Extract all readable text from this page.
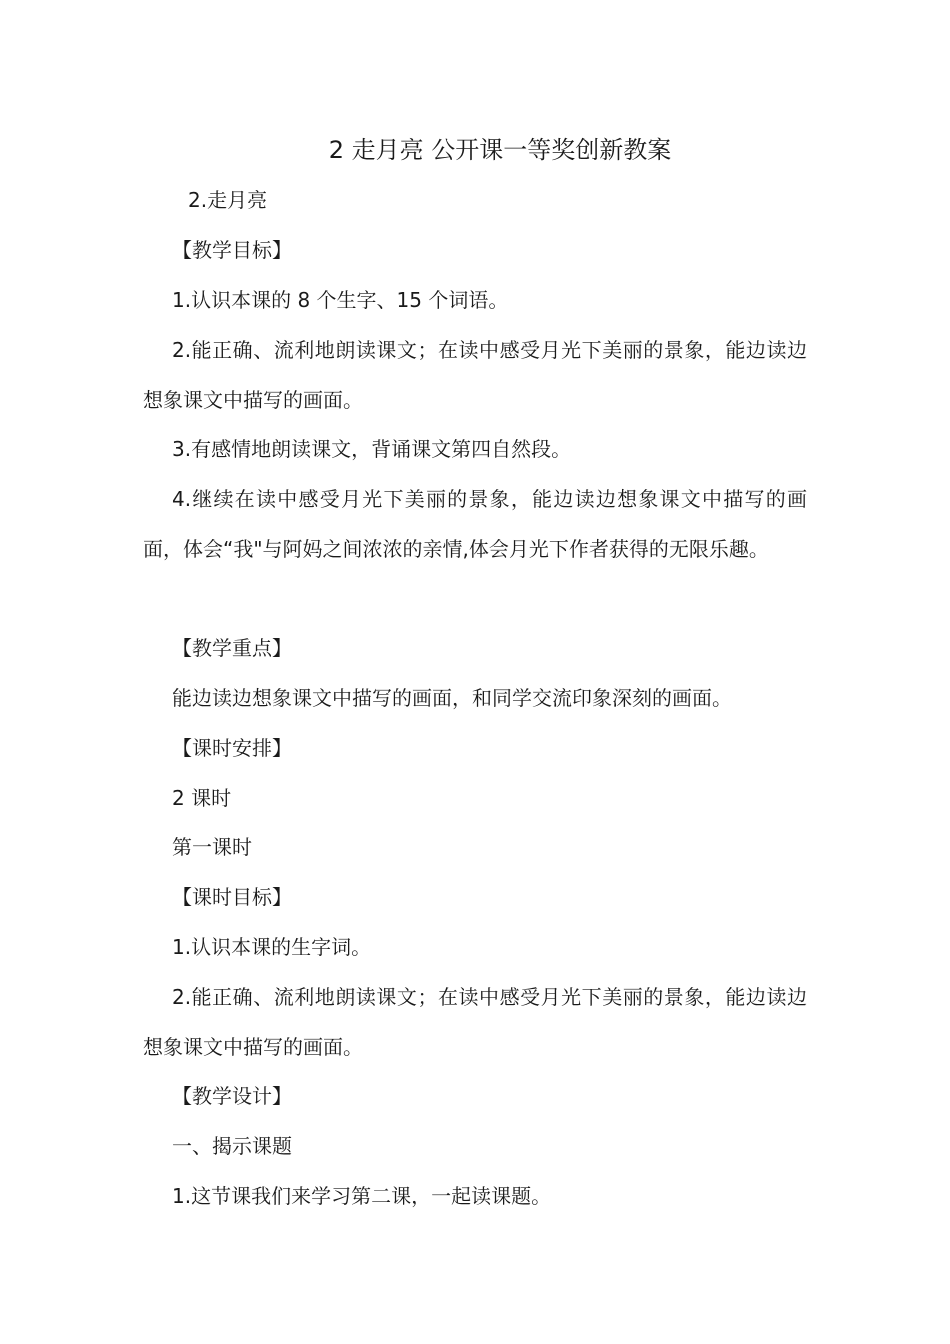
2 走月亮 公开课一等奖创新教案
2.走月亮
【教学目标】
1.认识本课的 8 个生字、15 个词语。
2.能正确、流利地朗读课文；在读中感受月光下美丽的景象，能边读边想象课文中描写的画面。
3.有感情地朗读课文，背诵课文第四自然段。
4.继续在读中感受月光下美丽的景象，能边读边想象课文中描写的画面，体会“我"与阿妈之间浓浓的亲情,体会月光下作者获得的无限乐趣。
【教学重点】
能边读边想象课文中描写的画面，和同学交流印象深刻的画面。
【课时安排】
2 课时
第一课时
【课时目标】
1.认识本课的生字词。
2.能正确、流利地朗读课文；在读中感受月光下美丽的景象，能边读边想象课文中描写的画面。
【教学设计】
一、揭示课题
1.这节课我们来学习第二课，一起读课题。
